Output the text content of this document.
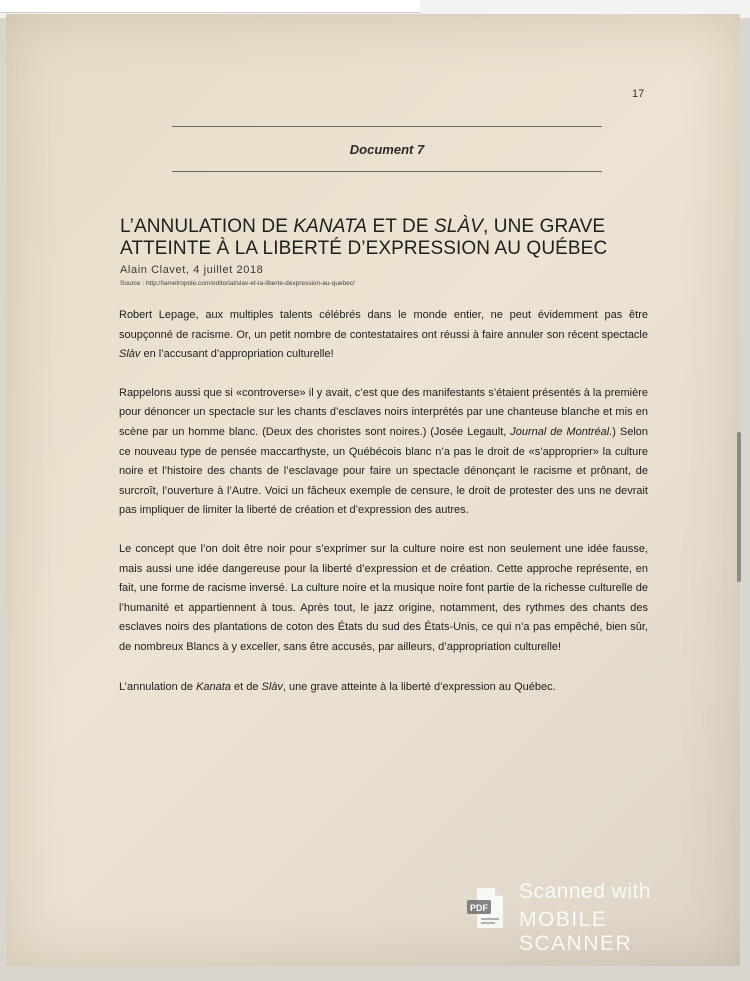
17
Document 7
L’ANNULATION DE KANATA ET DE SLÀV, UNE GRAVE ATTEINTE À LA LIBERTÉ D’EXPRESSION AU QUÉBEC
Alain Clavet, 4 juillet 2018
Source : http://lametropole.com/editorial/slav-et-la-liberte-dexpression-au-quebec/

Robert Lepage, aux multiples talents célébrés dans le monde entier, ne peut évidemment pas être soupçonné de racisme. Or, un petit nombre de contestataires ont réussi à faire annuler son récent spectacle Slàv en l’accusant d’appropriation culturelle!

Rappelons aussi que si «controverse» il y avait, c’est que des manifestants s’étaient présentés à la première pour dénoncer un spectacle sur les chants d’esclaves noirs interprétés par une chanteuse blanche et mis en scène par un homme blanc. (Deux des choristes sont noires.) (Josée Legault, Journal de Montréal.) Selon ce nouveau type de pensée maccarthyste, un Québécois blanc n’a pas le droit de «s’approprier» la culture noire et l’histoire des chants de l’esclavage pour faire un spectacle dénonçant le racisme et prônant, de surcroît, l’ouverture à l’Autre. Voici un fâcheux exemple de censure, le droit de protester des uns ne devrait pas impliquer de limiter la liberté de création et d’expression des autres.

Le concept que l’on doit être noir pour s’exprimer sur la culture noire est non seulement une idée fausse, mais aussi une idée dangereuse pour la liberté d’expression et de création. Cette approche représente, en fait, une forme de racisme inversé. La culture noire et la musique noire font partie de la richesse culturelle de l’humanité et appartiennent à tous. Après tout, le jazz origine, notamment, des rythmes des chants des esclaves noirs des plantations de coton des États du sud des États-Unis, ce qui n’a pas empêché, bien sûr, de nombreux Blancs à y exceller, sans être accusés, par ailleurs, d’appropriation culturelle!

L’annulation de Kanata et de Slàv, une grave atteinte à la liberté d’expression au Québec.

PDF
Scanned with
MOBILE SCANNER
